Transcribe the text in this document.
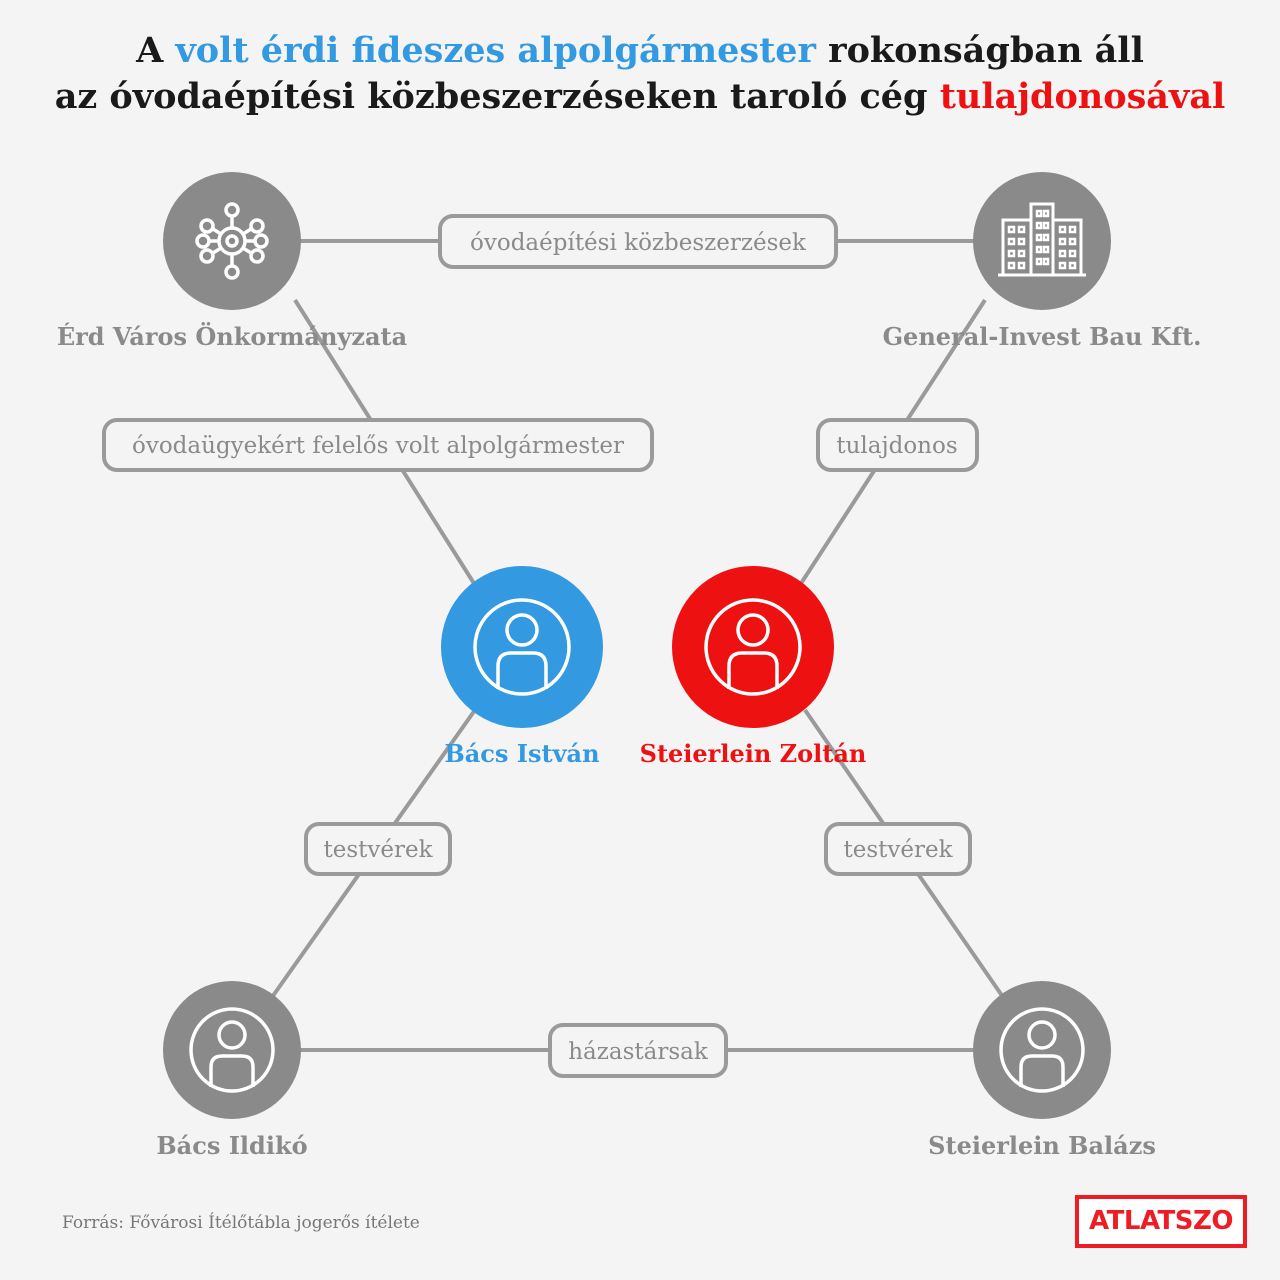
A volt érdi fideszes alpolgármester rokonságban áll
az óvodaépítési közbeszerzéseken taroló cég tulajdonosával
óvodaépítési közbeszerzések
óvodaügyekért felelős volt alpolgármester	tulajdonos
testvérek	testvérek
házastársak
Érd Város Önkormányzata	General-Invest Bau Kft.
Bács István Steierlein Zoltán
Bács Ildikó	Steierlein Balázs
Forrás: Fővárosi Ítélőtábla jogerős ítélete	ATLATSZO
